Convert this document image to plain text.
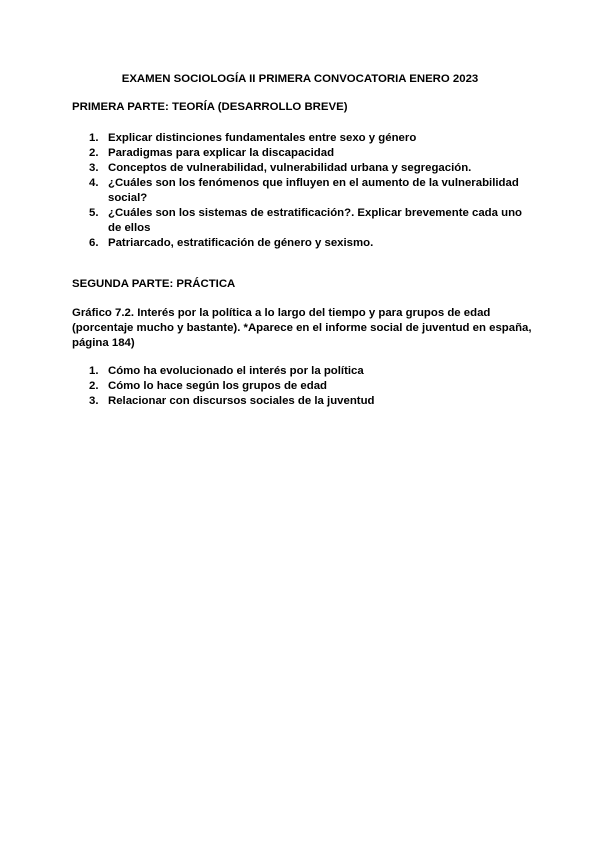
EXAMEN SOCIOLOGÍA II PRIMERA CONVOCATORIA ENERO 2023

PRIMERA PARTE: TEORÍA (DESARROLLO BREVE)

1. Explicar distinciones fundamentales entre sexo y género
2. Paradigmas para explicar la discapacidad
3. Conceptos de vulnerabilidad, vulnerabilidad urbana y segregación.
4. ¿Cuáles son los fenómenos que influyen en el aumento de la vulnerabilidad social?
5. ¿Cuáles son los sistemas de estratificación?. Explicar brevemente cada uno de ellos
6. Patriarcado, estratificación de género y sexismo.

SEGUNDA PARTE: PRÁCTICA

Gráfico 7.2. Interés por la política a lo largo del tiempo y para grupos de edad (porcentaje mucho y bastante). *Aparece en el informe social de juventud en españa, página 184)

1. Cómo ha evolucionado el interés por la política
2. Cómo lo hace según los grupos de edad
3. Relacionar con discursos sociales de la juventud
